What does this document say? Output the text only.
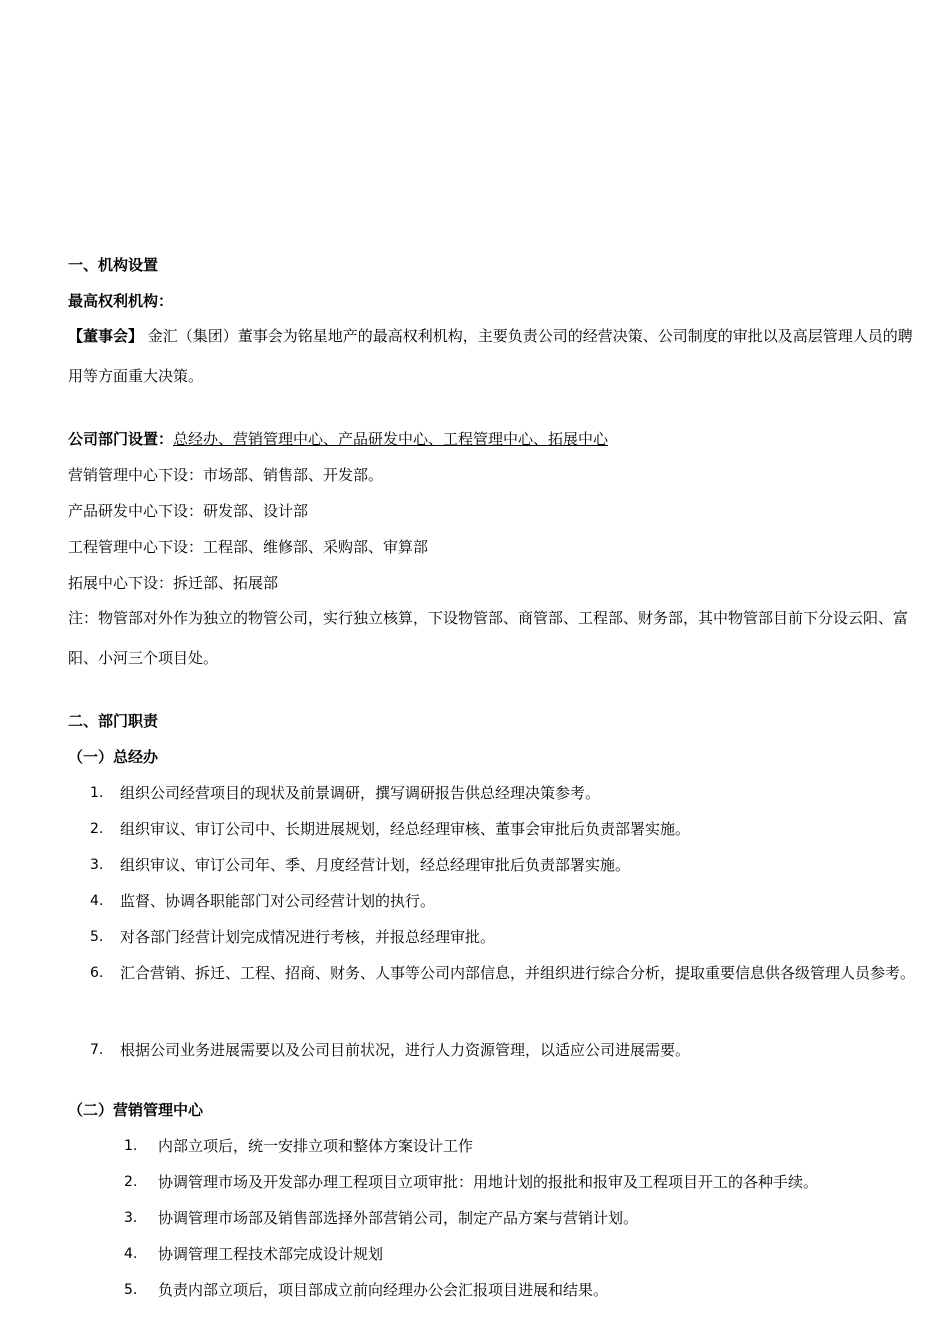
一、机构设置
最高权利机构：
【董事会】 金汇（集团）董事会为铭星地产的最高权利机构，主要负责公司的经营决策、公司制度的审批以及高层管理人员的聘用等方面重大决策。
公司部门设置：总经办、营销管理中心、产品研发中心、工程管理中心、拓展中心
营销管理中心下设：市场部、销售部、开发部。
产品研发中心下设：研发部、设计部
工程管理中心下设：工程部、维修部、采购部、审算部
拓展中心下设：拆迁部、拓展部
注：物管部对外作为独立的物管公司，实行独立核算，下设物管部、商管部、工程部、财务部，其中物管部目前下分设云阳、富阳、小河三个项目处。
二、部门职责
（一）总经办
1. 组织公司经营项目的现状及前景调研，撰写调研报告供总经理决策参考。
2. 组织审议、审订公司中、长期进展规划，经总经理审核、董事会审批后负责部署实施。
3. 组织审议、审订公司年、季、月度经营计划，经总经理审批后负责部署实施。
4. 监督、协调各职能部门对公司经营计划的执行。
5. 对各部门经营计划完成情况进行考核，并报总经理审批。
6. 汇合营销、拆迁、工程、招商、财务、人事等公司内部信息，并组织进行综合分析，提取重要信息供各级管理人员参考。
7. 根据公司业务进展需要以及公司目前状况，进行人力资源管理，以适应公司进展需要。
（二）营销管理中心
1. 内部立项后，统一安排立项和整体方案设计工作
2. 协调管理市场及开发部办理工程项目立项审批：用地计划的报批和报审及工程项目开工的各种手续。
3. 协调管理市场部及销售部选择外部营销公司，制定产品方案与营销计划。
4. 协调管理工程技术部完成设计规划
5. 负责内部立项后，项目部成立前向经理办公会汇报项目进展和结果。
